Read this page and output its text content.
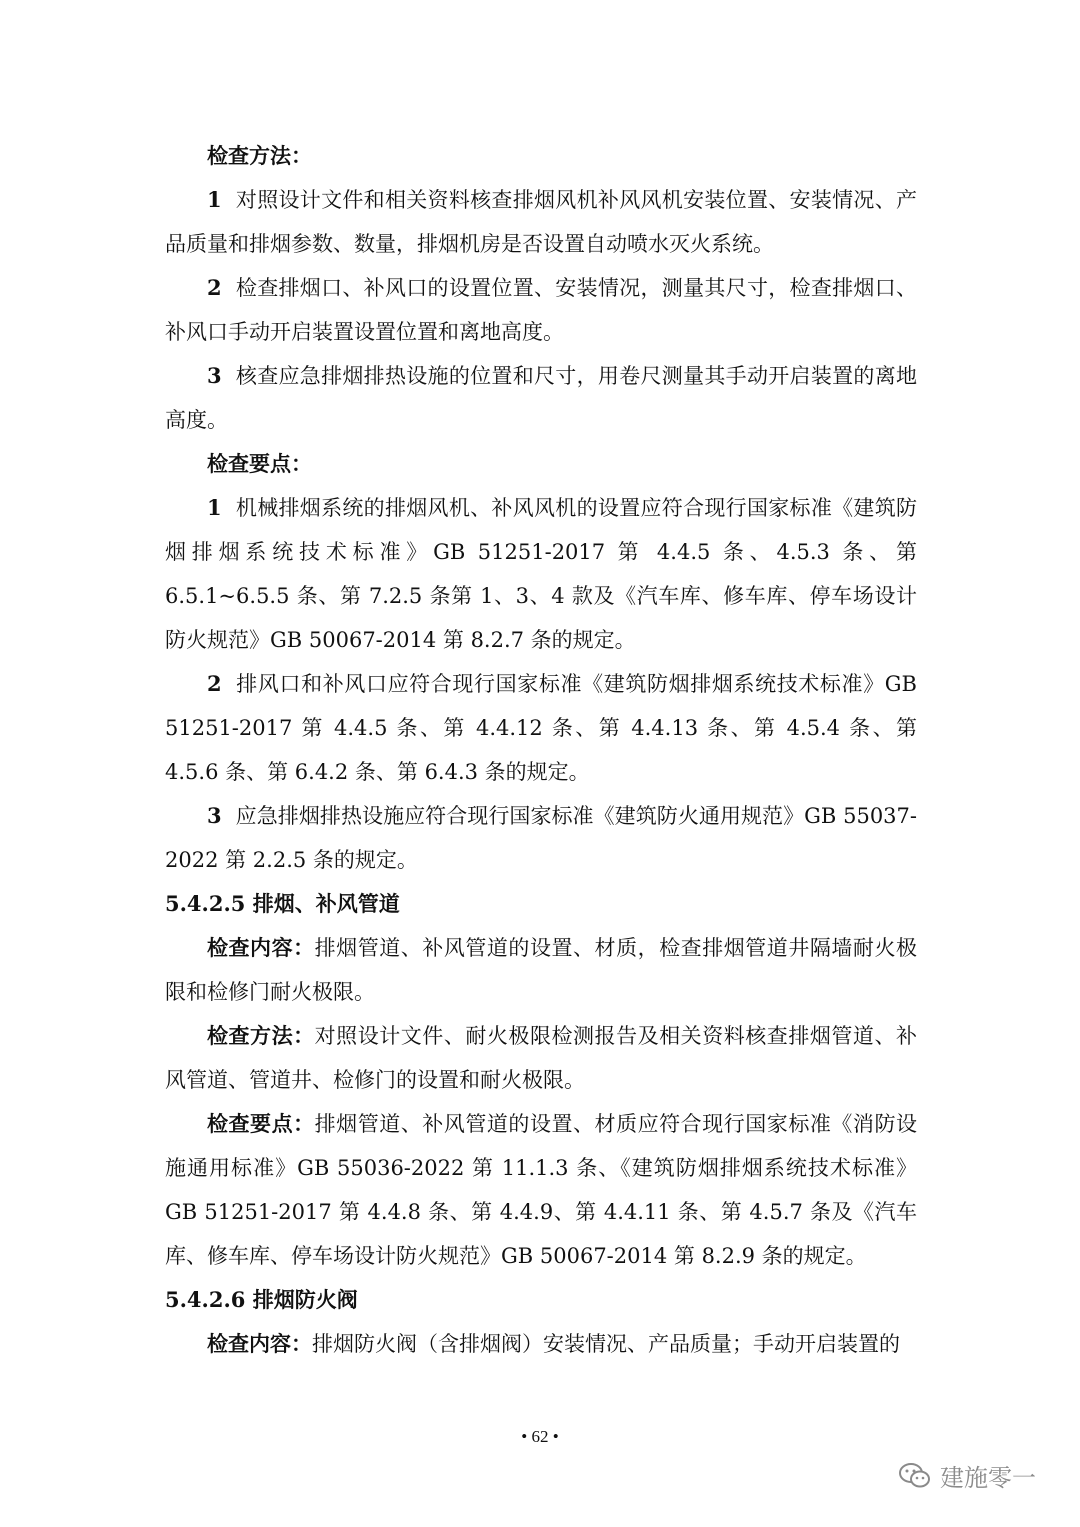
检查方法：

1 对照设计文件和相关资料核查排烟风机补风风机安装位置、安装情况、产品质量和排烟参数、数量，排烟机房是否设置自动喷水灭火系统。

2 检查排烟口、补风口的设置位置、安装情况，测量其尺寸，检查排烟口、补风口手动开启装置设置位置和离地高度。

3 核查应急排烟排热设施的位置和尺寸，用卷尺测量其手动开启装置的离地高度。

检查要点：

1 机械排烟系统的排烟风机、补风风机的设置应符合现行国家标准《建筑防烟排烟系统技术标准》GB 51251-2017 第 4.4.5 条、4.5.3 条、第 6.5.1~6.5.5 条、第 7.2.5 条第 1、3、4 款及《汽车库、修车库、停车场设计防火规范》GB 50067-2014 第 8.2.7 条的规定。

2 排风口和补风口应符合现行国家标准《建筑防烟排烟系统技术标准》GB 51251-2017 第 4.4.5 条、第 4.4.12 条、第 4.4.13 条、第 4.5.4 条、第 4.5.6 条、第 6.4.2 条、第 6.4.3 条的规定。

3 应急排烟排热设施应符合现行国家标准《建筑防火通用规范》GB 55037-2022 第 2.2.5 条的规定。

5.4.2.5 排烟、补风管道

检查内容：排烟管道、补风管道的设置、材质，检查排烟管道井隔墙耐火极限和检修门耐火极限。

检查方法：对照设计文件、耐火极限检测报告及相关资料核查排烟管道、补风管道、管道井、检修门的设置和耐火极限。

检查要点：排烟管道、补风管道的设置、材质应符合现行国家标准《消防设施通用标准》GB 55036-2022 第 11.1.3 条、《建筑防烟排烟系统技术标准》GB 51251-2017 第 4.4.8 条、第 4.4.9、第 4.4.11 条、第 4.5.7 条及《汽车库、修车库、停车场设计防火规范》GB 50067-2014 第 8.2.9 条的规定。

5.4.2.6 排烟防火阀

检查内容：排烟防火阀（含排烟阀）安装情况、产品质量；手动开启装置的

• 62 •
建施零一
